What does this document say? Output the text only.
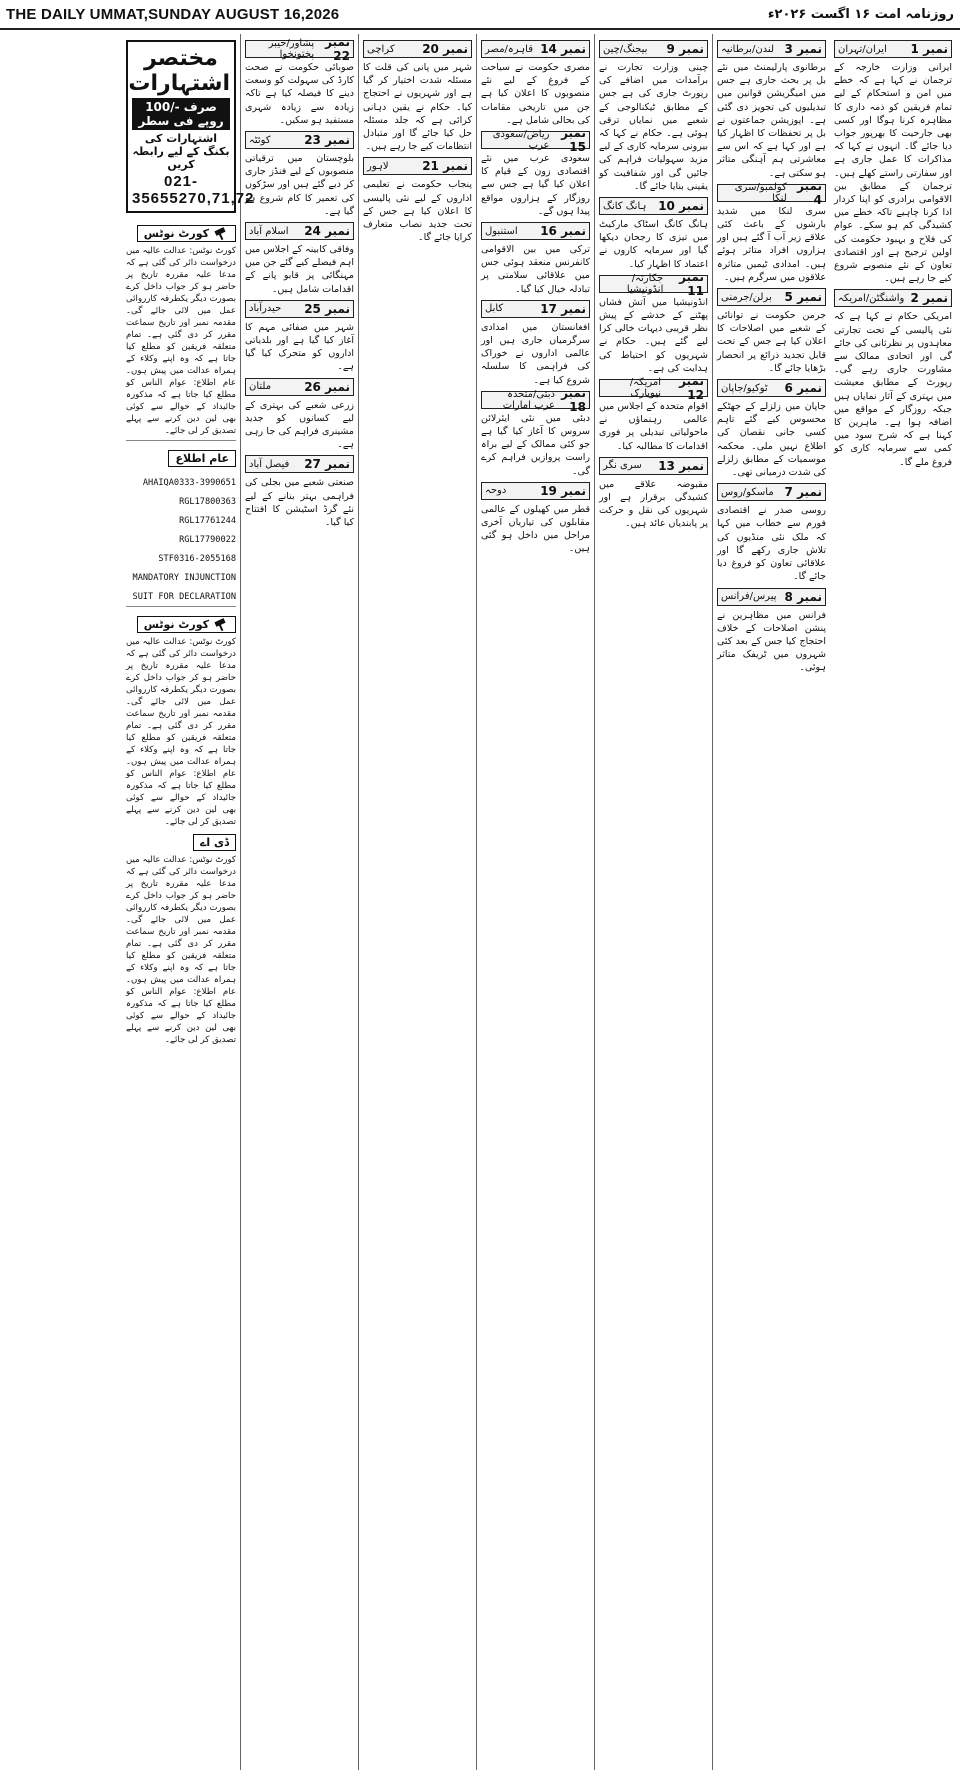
THE DAILY UMMAT,SUNDAY AUGUST 16,2026	روزنامہ امت ۱۶ اگست ۲۰۲۶ء
نمبر 1
ایران/تہران

ایرانی وزارت خارجہ کے ترجمان نے کہا ہے کہ خطے میں امن و استحکام کے لیے تمام فریقین کو ذمہ داری کا مظاہرہ کرنا ہوگا اور کسی بھی جارحیت کا بھرپور جواب دیا جائے گا۔ انہوں نے کہا کہ مذاکرات کا عمل جاری ہے اور سفارتی راستے کھلے ہیں۔ ترجمان کے مطابق بین الاقوامی برادری کو اپنا کردار ادا کرنا چاہیے تاکہ خطے میں کشیدگی کم ہو سکے۔ عوام کی فلاح و بہبود حکومت کی اولین ترجیح ہے اور اقتصادی تعاون کے نئے منصوبے شروع کیے جا رہے ہیں۔

نمبر 2
واشنگٹن/امریکہ

امریکی حکام نے کہا ہے کہ نئی پالیسی کے تحت تجارتی معاہدوں پر نظرثانی کی جائے گی اور اتحادی ممالک سے مشاورت جاری رہے گی۔ رپورٹ کے مطابق معیشت میں بہتری کے آثار نمایاں ہیں جبکہ روزگار کے مواقع میں اضافہ ہوا ہے۔ ماہرین کا کہنا ہے کہ شرح سود میں کمی سے سرمایہ کاری کو فروغ ملے گا۔

نمبر 3
لندن/برطانیہ

برطانوی پارلیمنٹ میں نئے بل پر بحث جاری ہے جس میں امیگریشن قوانین میں تبدیلیوں کی تجویز دی گئی ہے۔ اپوزیشن جماعتوں نے بل پر تحفظات کا اظہار کیا ہے اور کہا ہے کہ اس سے معاشرتی ہم آہنگی متاثر ہو سکتی ہے۔

نمبر 4
کولمبو/سری لنکا

سری لنکا میں شدید بارشوں کے باعث کئی علاقے زیر آب آ گئے ہیں اور ہزاروں افراد متاثر ہوئے ہیں۔ امدادی ٹیمیں متاثرہ علاقوں میں سرگرم ہیں۔

نمبر 5
برلن/جرمنی

جرمن حکومت نے توانائی کے شعبے میں اصلاحات کا اعلان کیا ہے جس کے تحت قابل تجدید ذرائع پر انحصار بڑھایا جائے گا۔

نمبر 6
ٹوکیو/جاپان

جاپان میں زلزلے کے جھٹکے محسوس کیے گئے تاہم کسی جانی نقصان کی اطلاع نہیں ملی۔ محکمہ موسمیات کے مطابق زلزلے کی شدت درمیانی تھی۔

نمبر 7
ماسکو/روس

روسی صدر نے اقتصادی فورم سے خطاب میں کہا کہ ملک نئی منڈیوں کی تلاش جاری رکھے گا اور علاقائی تعاون کو فروغ دیا جائے گا۔

نمبر 8
پیرس/فرانس

فرانس میں مظاہرین نے پنشن اصلاحات کے خلاف احتجاج کیا جس کے بعد کئی شہروں میں ٹریفک متاثر ہوئی۔

نمبر 9
بیجنگ/چین

چینی وزارت تجارت نے برآمدات میں اضافے کی رپورٹ جاری کی ہے جس کے مطابق ٹیکنالوجی کے شعبے میں نمایاں ترقی ہوئی ہے۔ حکام نے کہا کہ بیرونی سرمایہ کاری کے لیے مزید سہولیات فراہم کی جائیں گی اور شفافیت کو یقینی بنایا جائے گا۔

نمبر 10
ہانگ کانگ

ہانگ کانگ اسٹاک مارکیٹ میں تیزی کا رجحان دیکھا گیا اور سرمایہ کاروں نے اعتماد کا اظہار کیا۔

نمبر 11
جکارتہ/انڈونیشیا

انڈونیشیا میں آتش فشاں پھٹنے کے خدشے کے پیش نظر قریبی دیہات خالی کرا لیے گئے ہیں۔ حکام نے شہریوں کو احتیاط کی ہدایت کی ہے۔

نمبر 12
امریکہ/نیویارک

اقوام متحدہ کے اجلاس میں عالمی رہنماؤں نے ماحولیاتی تبدیلی پر فوری اقدامات کا مطالبہ کیا۔

نمبر 13
سری نگر

مقبوضہ علاقے میں کشیدگی برقرار ہے اور شہریوں کی نقل و حرکت پر پابندیاں عائد ہیں۔

نمبر 14
قاہرہ/مصر

مصری حکومت نے سیاحت کے فروغ کے لیے نئے منصوبوں کا اعلان کیا ہے جن میں تاریخی مقامات کی بحالی شامل ہے۔

نمبر 15
ریاض/سعودی عرب

سعودی عرب میں نئے اقتصادی زون کے قیام کا اعلان کیا گیا ہے جس سے روزگار کے ہزاروں مواقع پیدا ہوں گے۔

نمبر 16
استنبول

ترکی میں بین الاقوامی کانفرنس منعقد ہوئی جس میں علاقائی سلامتی پر تبادلہ خیال کیا گیا۔

نمبر 17
کابل

افغانستان میں امدادی سرگرمیاں جاری ہیں اور عالمی اداروں نے خوراک کی فراہمی کا سلسلہ شروع کیا ہے۔

نمبر 18
دبئی/متحدہ عرب امارات

دبئی میں نئی ایئرلائن سروس کا آغاز کیا گیا ہے جو کئی ممالک کے لیے براہ راست پروازیں فراہم کرے گی۔

نمبر 19
دوحہ

قطر میں کھیلوں کے عالمی مقابلوں کی تیاریاں آخری مراحل میں داخل ہو گئی ہیں۔

نمبر 20
کراچی

شہر میں پانی کی قلت کا مسئلہ شدت اختیار کر گیا ہے اور شہریوں نے احتجاج کیا۔ حکام نے یقین دہانی کرائی ہے کہ جلد مسئلہ حل کیا جائے گا اور متبادل انتظامات کیے جا رہے ہیں۔

نمبر 21
لاہور

پنجاب حکومت نے تعلیمی اداروں کے لیے نئی پالیسی کا اعلان کیا ہے جس کے تحت جدید نصاب متعارف کرایا جائے گا۔

نمبر 22
پشاور/خیبر پختونخوا

صوبائی حکومت نے صحت کارڈ کی سہولت کو وسعت دینے کا فیصلہ کیا ہے تاکہ زیادہ سے زیادہ شہری مستفید ہو سکیں۔

نمبر 23
کوئٹہ

بلوچستان میں ترقیاتی منصوبوں کے لیے فنڈز جاری کر دیے گئے ہیں اور سڑکوں کی تعمیر کا کام شروع ہو گیا ہے۔

نمبر 24
اسلام آباد

وفاقی کابینہ کے اجلاس میں اہم فیصلے کیے گئے جن میں مہنگائی پر قابو پانے کے اقدامات شامل ہیں۔

نمبر 25
حیدرآباد

شہر میں صفائی مہم کا آغاز کیا گیا ہے اور بلدیاتی اداروں کو متحرک کیا گیا ہے۔

نمبر 26
ملتان

زرعی شعبے کی بہتری کے لیے کسانوں کو جدید مشینری فراہم کی جا رہی ہے۔

نمبر 27
فیصل آباد

صنعتی شعبے میں بجلی کی فراہمی بہتر بنانے کے لیے نئے گرڈ اسٹیشن کا افتتاح کیا گیا۔

مختصر اشتہارات
صرف -/100 روپے فی سطر
اشتہارات کی بکنگ کے لیے رابطہ کریں
021-35655270,71,72
کورٹ نوٹس
کورٹ نوٹس: عدالت عالیہ میں درخواست دائر کی گئی ہے کہ مدعا علیہ مقررہ تاریخ پر حاضر ہو کر جواب داخل کرے بصورت دیگر یکطرفہ کارروائی عمل میں لائی جائے گی۔ مقدمہ نمبر اور تاریخ سماعت مقرر کر دی گئی ہے۔ تمام متعلقہ فریقین کو مطلع کیا جاتا ہے کہ وہ اپنے وکلاء کے ہمراہ عدالت میں پیش ہوں۔ عام اطلاع: عوام الناس کو مطلع کیا جاتا ہے کہ مذکورہ جائیداد کے حوالے سے کوئی بھی لین دین کرنے سے پہلے تصدیق کر لی جائے۔
عام اطلاع
0333-3990651IQAAHARGL17800363RGL17761244RGL177900220316-2055168STFMANDATORY INJUNCTIONSUIT FOR DECLARATION
کورٹ نوٹس
کورٹ نوٹس: عدالت عالیہ میں درخواست دائر کی گئی ہے کہ مدعا علیہ مقررہ تاریخ پر حاضر ہو کر جواب داخل کرے بصورت دیگر یکطرفہ کارروائی عمل میں لائی جائے گی۔ مقدمہ نمبر اور تاریخ سماعت مقرر کر دی گئی ہے۔ تمام متعلقہ فریقین کو مطلع کیا جاتا ہے کہ وہ اپنے وکلاء کے ہمراہ عدالت میں پیش ہوں۔ عام اطلاع: عوام الناس کو مطلع کیا جاتا ہے کہ مذکورہ جائیداد کے حوالے سے کوئی بھی لین دین کرنے سے پہلے تصدیق کر لی جائے۔
ڈی اے
کورٹ نوٹس: عدالت عالیہ میں درخواست دائر کی گئی ہے کہ مدعا علیہ مقررہ تاریخ پر حاضر ہو کر جواب داخل کرے بصورت دیگر یکطرفہ کارروائی عمل میں لائی جائے گی۔ مقدمہ نمبر اور تاریخ سماعت مقرر کر دی گئی ہے۔ تمام متعلقہ فریقین کو مطلع کیا جاتا ہے کہ وہ اپنے وکلاء کے ہمراہ عدالت میں پیش ہوں۔ عام اطلاع: عوام الناس کو مطلع کیا جاتا ہے کہ مذکورہ جائیداد کے حوالے سے کوئی بھی لین دین کرنے سے پہلے تصدیق کر لی جائے۔
